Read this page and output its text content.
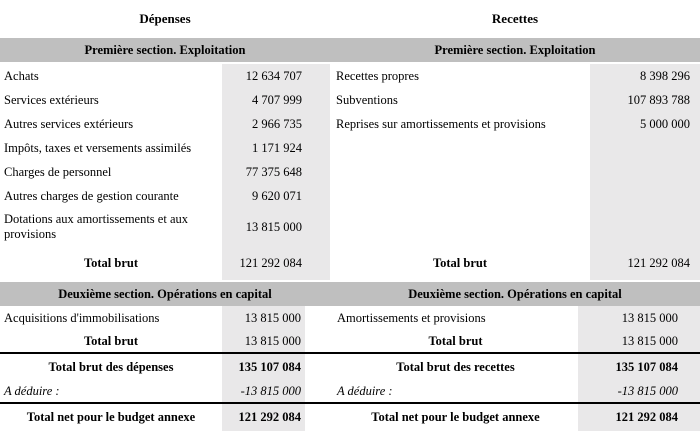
Dépenses	Recettes
Première section. Exploitation	Première section. Exploitation
Achats	12 634 707	Recettes propres	8 398 296
Services extérieurs	4 707 999	Subventions	107 893 788
Autres services extérieurs	2 966 735	Reprises sur amortissements et provisions	5 000 000
Impôts, taxes et versements assimilés	1 171 924
Charges de personnel	77 375 648
Autres charges de gestion courante	9 620 071
Dotations aux amortissements et aux provisions	13 815 000
Total brut	121 292 084	Total brut	121 292 084
Deuxième section. Opérations en capital	Deuxième section. Opérations en capital
Acquisitions d'immobilisations	13 815 000	Amortissements et provisions	13 815 000
Total brut	13 815 000	Total brut	13 815 000
Total brut des dépenses	135 107 084	Total brut des recettes	135 107 084
A déduire :	-13 815 000	A déduire :	-13 815 000
Total net pour le budget annexe	121 292 084	Total net pour le budget annexe	121 292 084
